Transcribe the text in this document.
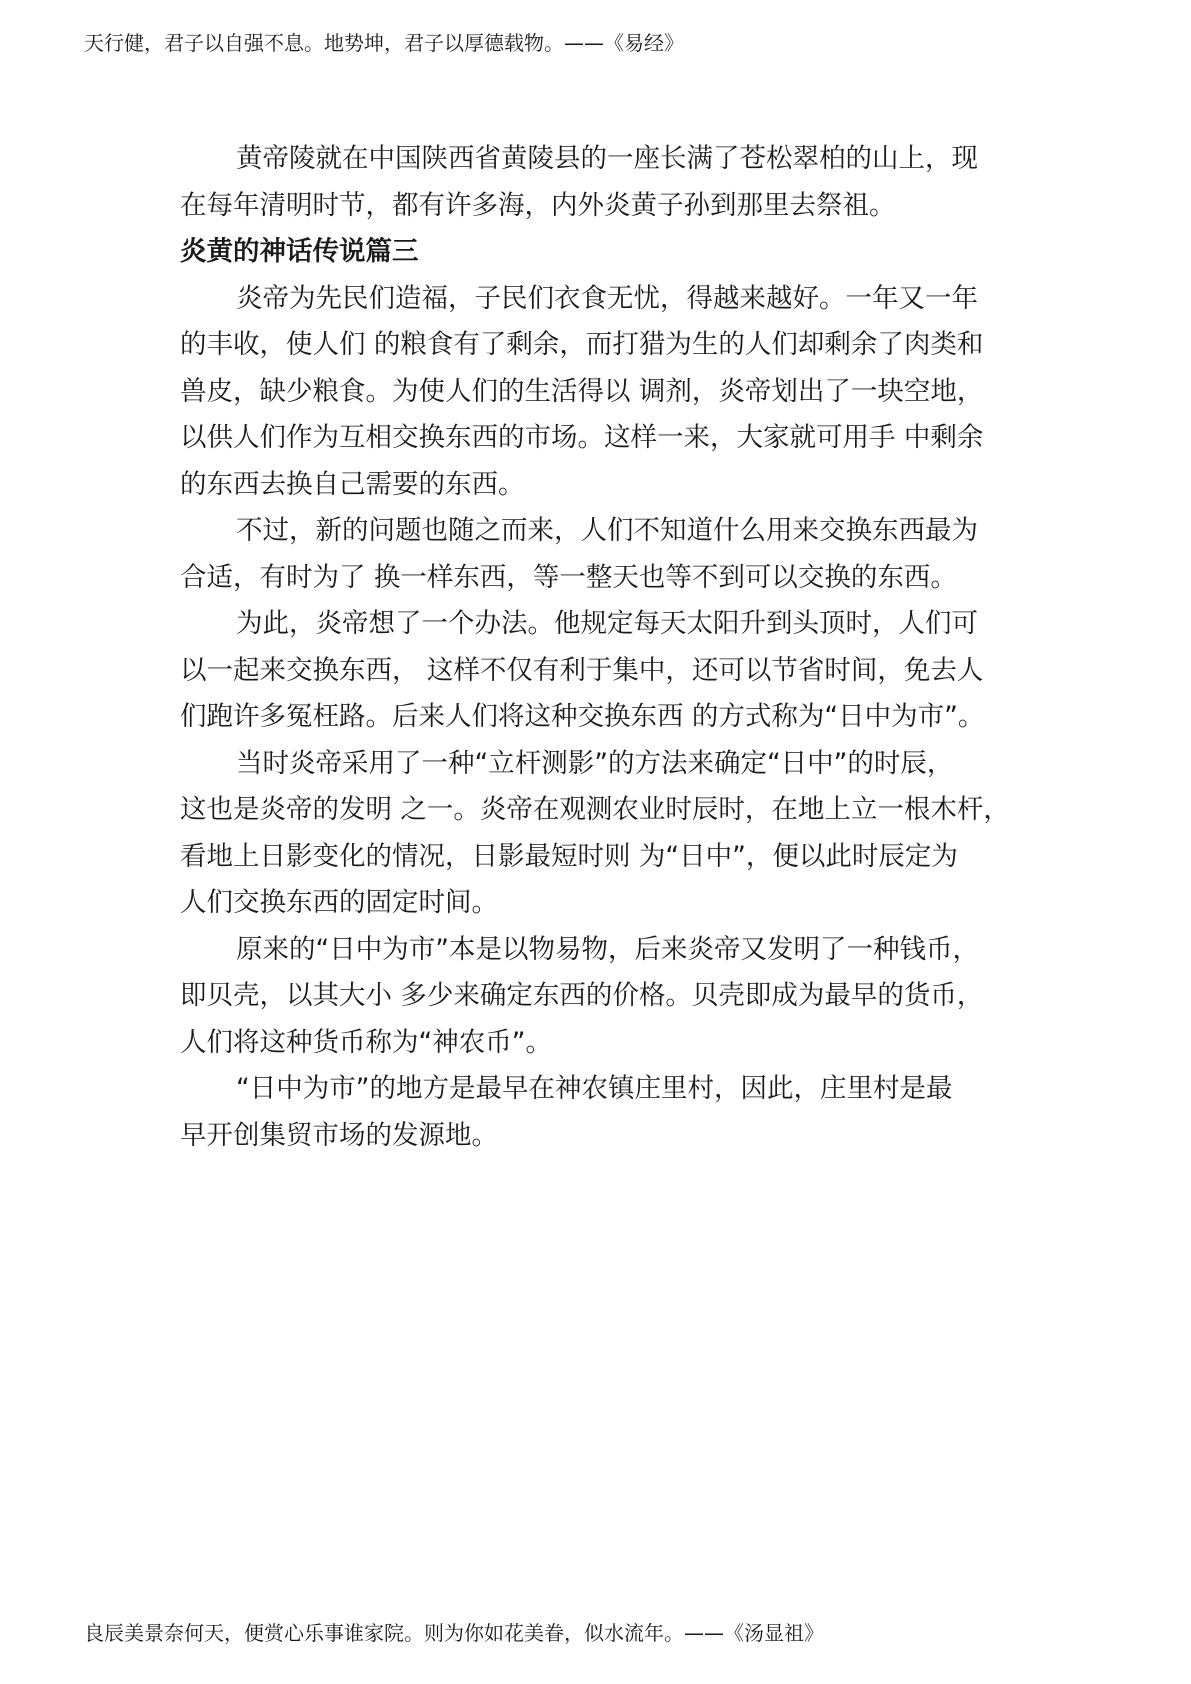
天行健，君子以自强不息。地势坤，君子以厚德载物。——《易经》
黄帝陵就在中国陕西省黄陵县的一座长满了苍松翠柏的山上，现
在每年清明时节，都有许多海，内外炎黄子孙到那里去祭祖。
炎黄的神话传说篇三
炎帝为先民们造福，子民们衣食无忧，得越来越好。一年又一年
的丰收，使人们 的粮食有了剩余，而打猎为生的人们却剩余了肉类和
兽皮，缺少粮食。为使人们的生活得以 调剂，炎帝划出了一块空地，
以供人们作为互相交换东西的市场。这样一来，大家就可用手 中剩余
的东西去换自己需要的东西。
不过，新的问题也随之而来，人们不知道什么用来交换东西最为
合适，有时为了 换一样东西，等一整天也等不到可以交换的东西。
为此，炎帝想了一个办法。他规定每天太阳升到头顶时，人们可
以一起来交换东西， 这样不仅有利于集中，还可以节省时间，免去人
们跑许多冤枉路。后来人们将这种交换东西 的方式称为“日中为市”。
当时炎帝采用了一种“立杆测影”的方法来确定“日中”的时辰，
这也是炎帝的发明 之一。炎帝在观测农业时辰时，在地上立一根木杆，
看地上日影变化的情况，日影最短时则 为“日中”，便以此时辰定为
人们交换东西的固定时间。
原来的“日中为市”本是以物易物，后来炎帝又发明了一种钱币，
即贝壳，以其大小 多少来确定东西的价格。贝壳即成为最早的货币，
人们将这种货币称为“神农币”。
“日中为市”的地方是最早在神农镇庄里村，因此，庄里村是最
早开创集贸市场的发源地。
良辰美景奈何天，便赏心乐事谁家院。则为你如花美眷，似水流年。——《汤显祖》
